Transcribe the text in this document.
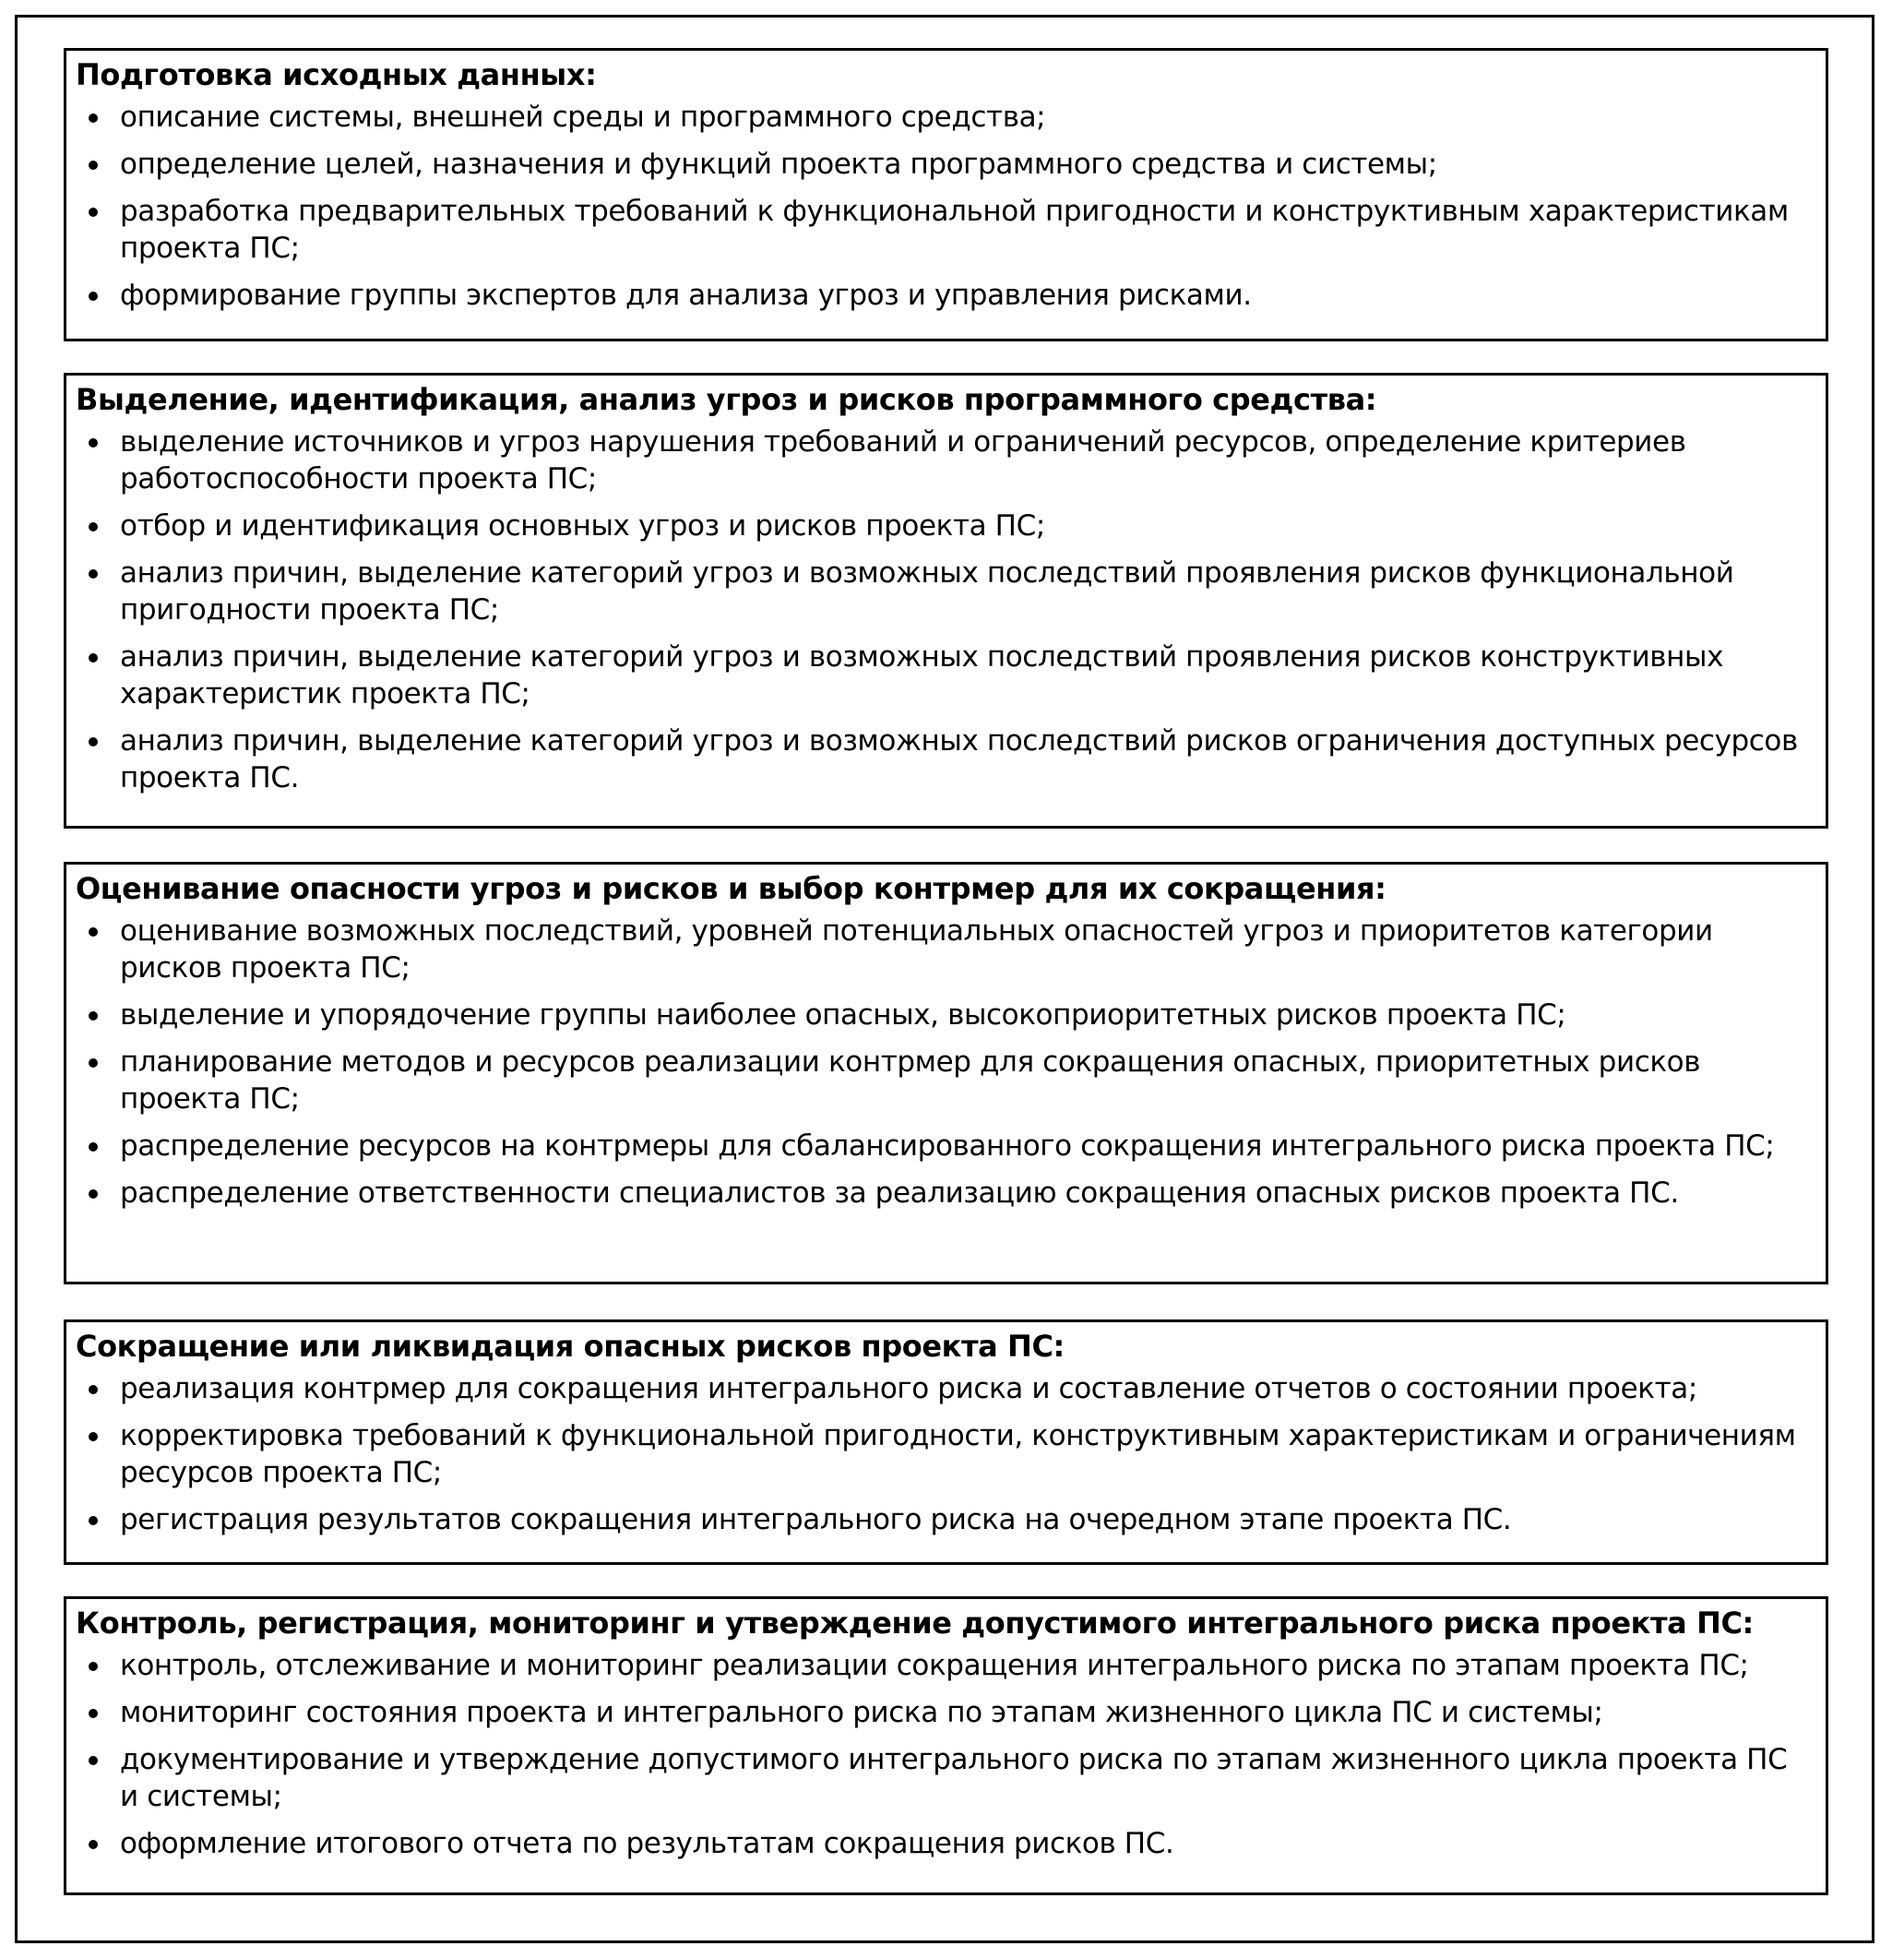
Подготовка исходных данных:
описание системы, внешней среды и программного средства;
определение целей, назначения и функций проекта программного средства и системы;
разработка предварительных требований к функциональной пригодности и конструктивным характеристикам проекта ПС;
формирование группы экспертов для анализа угроз и управления рисками.
Выделение, идентификация, анализ угроз и рисков программного средства:
выделение источников и угроз нарушения требований и ограничений ресурсов, определение критериев работоспособности проекта ПС;
отбор и идентификация основных угроз и рисков проекта ПС;
анализ причин, выделение категорий угроз и возможных последствий проявления рисков функциональной пригодности проекта ПС;
анализ причин, выделение категорий угроз и возможных последствий проявления рисков конструктивных характеристик проекта ПС;
анализ причин, выделение категорий угроз и возможных последствий рисков ограничения доступных ресурсов проекта ПС.
Оценивание опасности угроз и рисков и выбор контрмер для их сокращения:
оценивание возможных последствий, уровней потенциальных опасностей угроз и приоритетов категории рисков проекта ПС;
выделение и упорядочение группы наиболее опасных, высокоприоритетных рисков проекта ПС;
планирование методов и ресурсов реализации контрмер для сокращения опасных, приоритетных рисков проекта ПС;
распределение ресурсов на контрмеры для сбалансированного сокращения интегрального риска проекта ПС;
распределение ответственности специалистов за реализацию сокращения опасных рисков проекта ПС.
Сокращение или ликвидация опасных рисков проекта ПС:
реализация контрмер для сокращения интегрального риска и составление отчетов о состоянии проекта;
корректировка требований к функциональной пригодности, конструктивным характеристикам и ограничениям ресурсов проекта ПС;
регистрация результатов сокращения интегрального риска на очередном этапе проекта ПС.
Контроль, регистрация, мониторинг и утверждение допустимого интегрального риска проекта ПС:
контроль, отслеживание и мониторинг реализации сокращения интегрального риска по этапам проекта ПС;
мониторинг состояния проекта и интегрального риска по этапам жизненного цикла ПС и системы;
документирование и утверждение допустимого интегрального риска по этапам жизненного цикла проекта ПС и системы;
оформление итогового отчета по результатам сокращения рисков ПС.
